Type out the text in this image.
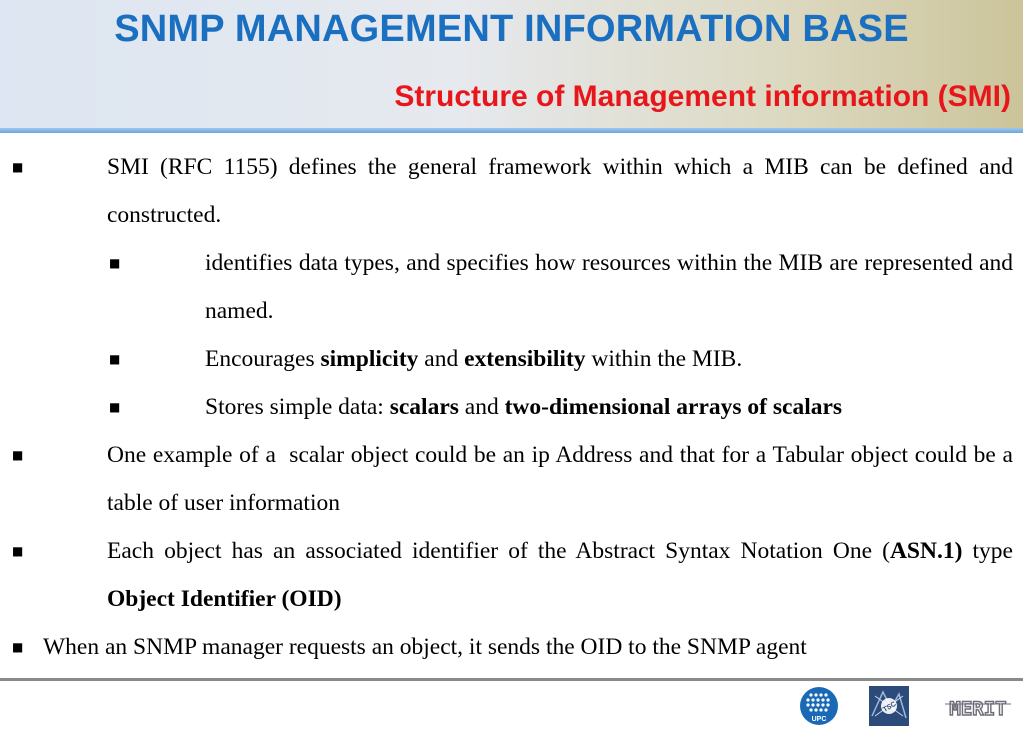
SNMP MANAGEMENT INFORMATION BASE
Structure of Management information (SMI)
■	SMI (RFC 1155) defines the general framework within which a MIB can be defined and constructed.
■	identifies data types, and specifies how resources within the MIB are represented and named.
■	Encourages simplicity and extensibility within the MIB.
■	Stores simple data: scalars and two-dimensional arrays of scalars
■	One example of a  scalar object could be an ip Address and that for a Tabular object could be a table of user information
■	Each object has an associated identifier of the Abstract Syntax Notation One (ASN.1) type Object Identifier (OID)
■ When an SNMP manager requests an object, it sends the OID to the SNMP agent
UPC
TSC	MERIT
